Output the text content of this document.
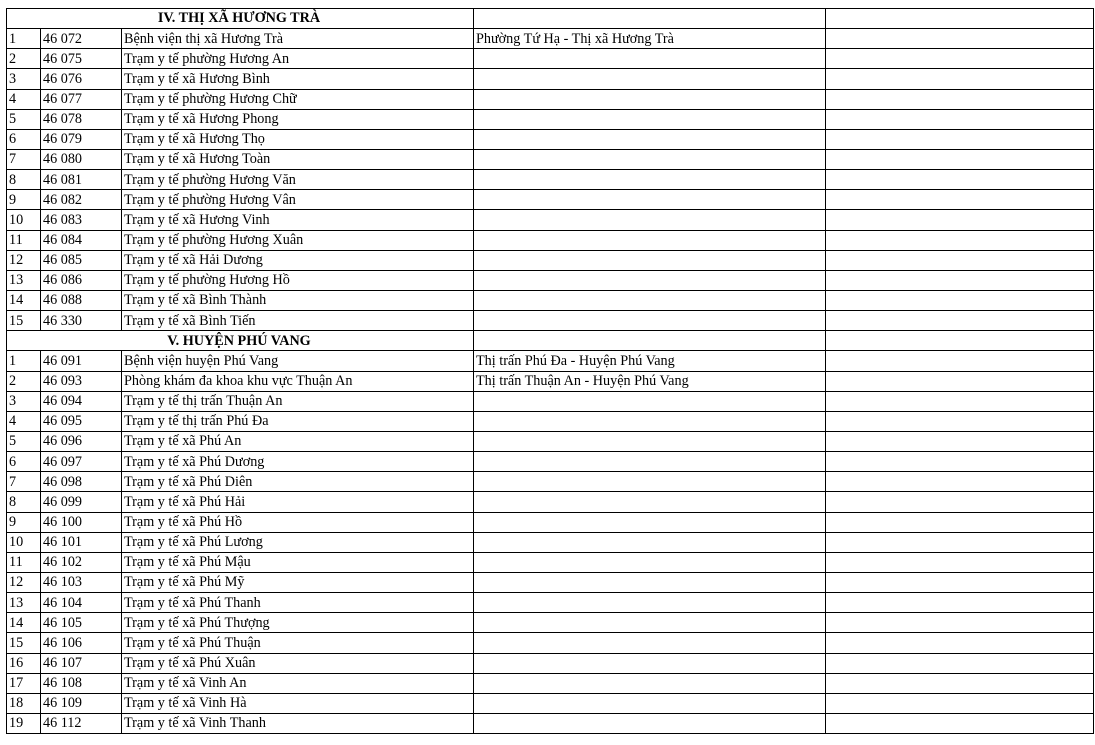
IV. THỊ XÃ HƯƠNG TRÀ				
1	46 072	Bệnh viện thị xã Hương Trà	Phường Tứ Hạ - Thị xã Hương Trà	
2	46 075	Trạm y tế phường Hương An		
3	46 076	Trạm y tế xã Hương Bình		
4	46 077	Trạm y tế phường Hương Chữ		
5	46 078	Trạm y tế xã Hương Phong		
6	46 079	Trạm y tế xã Hương Thọ		
7	46 080	Trạm y tế xã Hương Toàn		
8	46 081	Trạm y tế phường Hương Văn		
9	46 082	Trạm y tế phường Hương Vân		
10	46 083	Trạm y tế xã Hương Vinh		
11	46 084	Trạm y tế phường Hương Xuân		
12	46 085	Trạm y tế xã Hải Dương		
13	46 086	Trạm y tế phường Hương Hồ		
14	46 088	Trạm y tế xã Bình Thành		
15	46 330	Trạm y tế xã Bình Tiến		
V. HUYỆN PHÚ VANG				
1	46 091	Bệnh viện huyện Phú Vang	Thị trấn Phú Đa - Huyện Phú Vang	
2	46 093	Phòng khám đa khoa khu vực Thuận An	Thị trấn Thuận An - Huyện Phú Vang	
3	46 094	Trạm y tế thị trấn Thuận An		
4	46 095	Trạm y tế thị trấn Phú Đa		
5	46 096	Trạm y tế xã Phú An		
6	46 097	Trạm y tế xã Phú Dương		
7	46 098	Trạm y tế xã Phú Diên		
8	46 099	Trạm y tế xã Phú Hải		
9	46 100	Trạm y tế xã Phú Hồ		
10	46 101	Trạm y tế xã Phú Lương		
11	46 102	Trạm y tế xã Phú Mậu		
12	46 103	Trạm y tế xã Phú Mỹ		
13	46 104	Trạm y tế xã Phú Thanh		
14	46 105	Trạm y tế xã Phú Thượng		
15	46 106	Trạm y tế xã Phú Thuận		
16	46 107	Trạm y tế xã Phú Xuân		
17	46 108	Trạm y tế xã Vinh An		
18	46 109	Trạm y tế xã Vinh Hà		
19	46 112	Trạm y tế xã Vinh Thanh		
